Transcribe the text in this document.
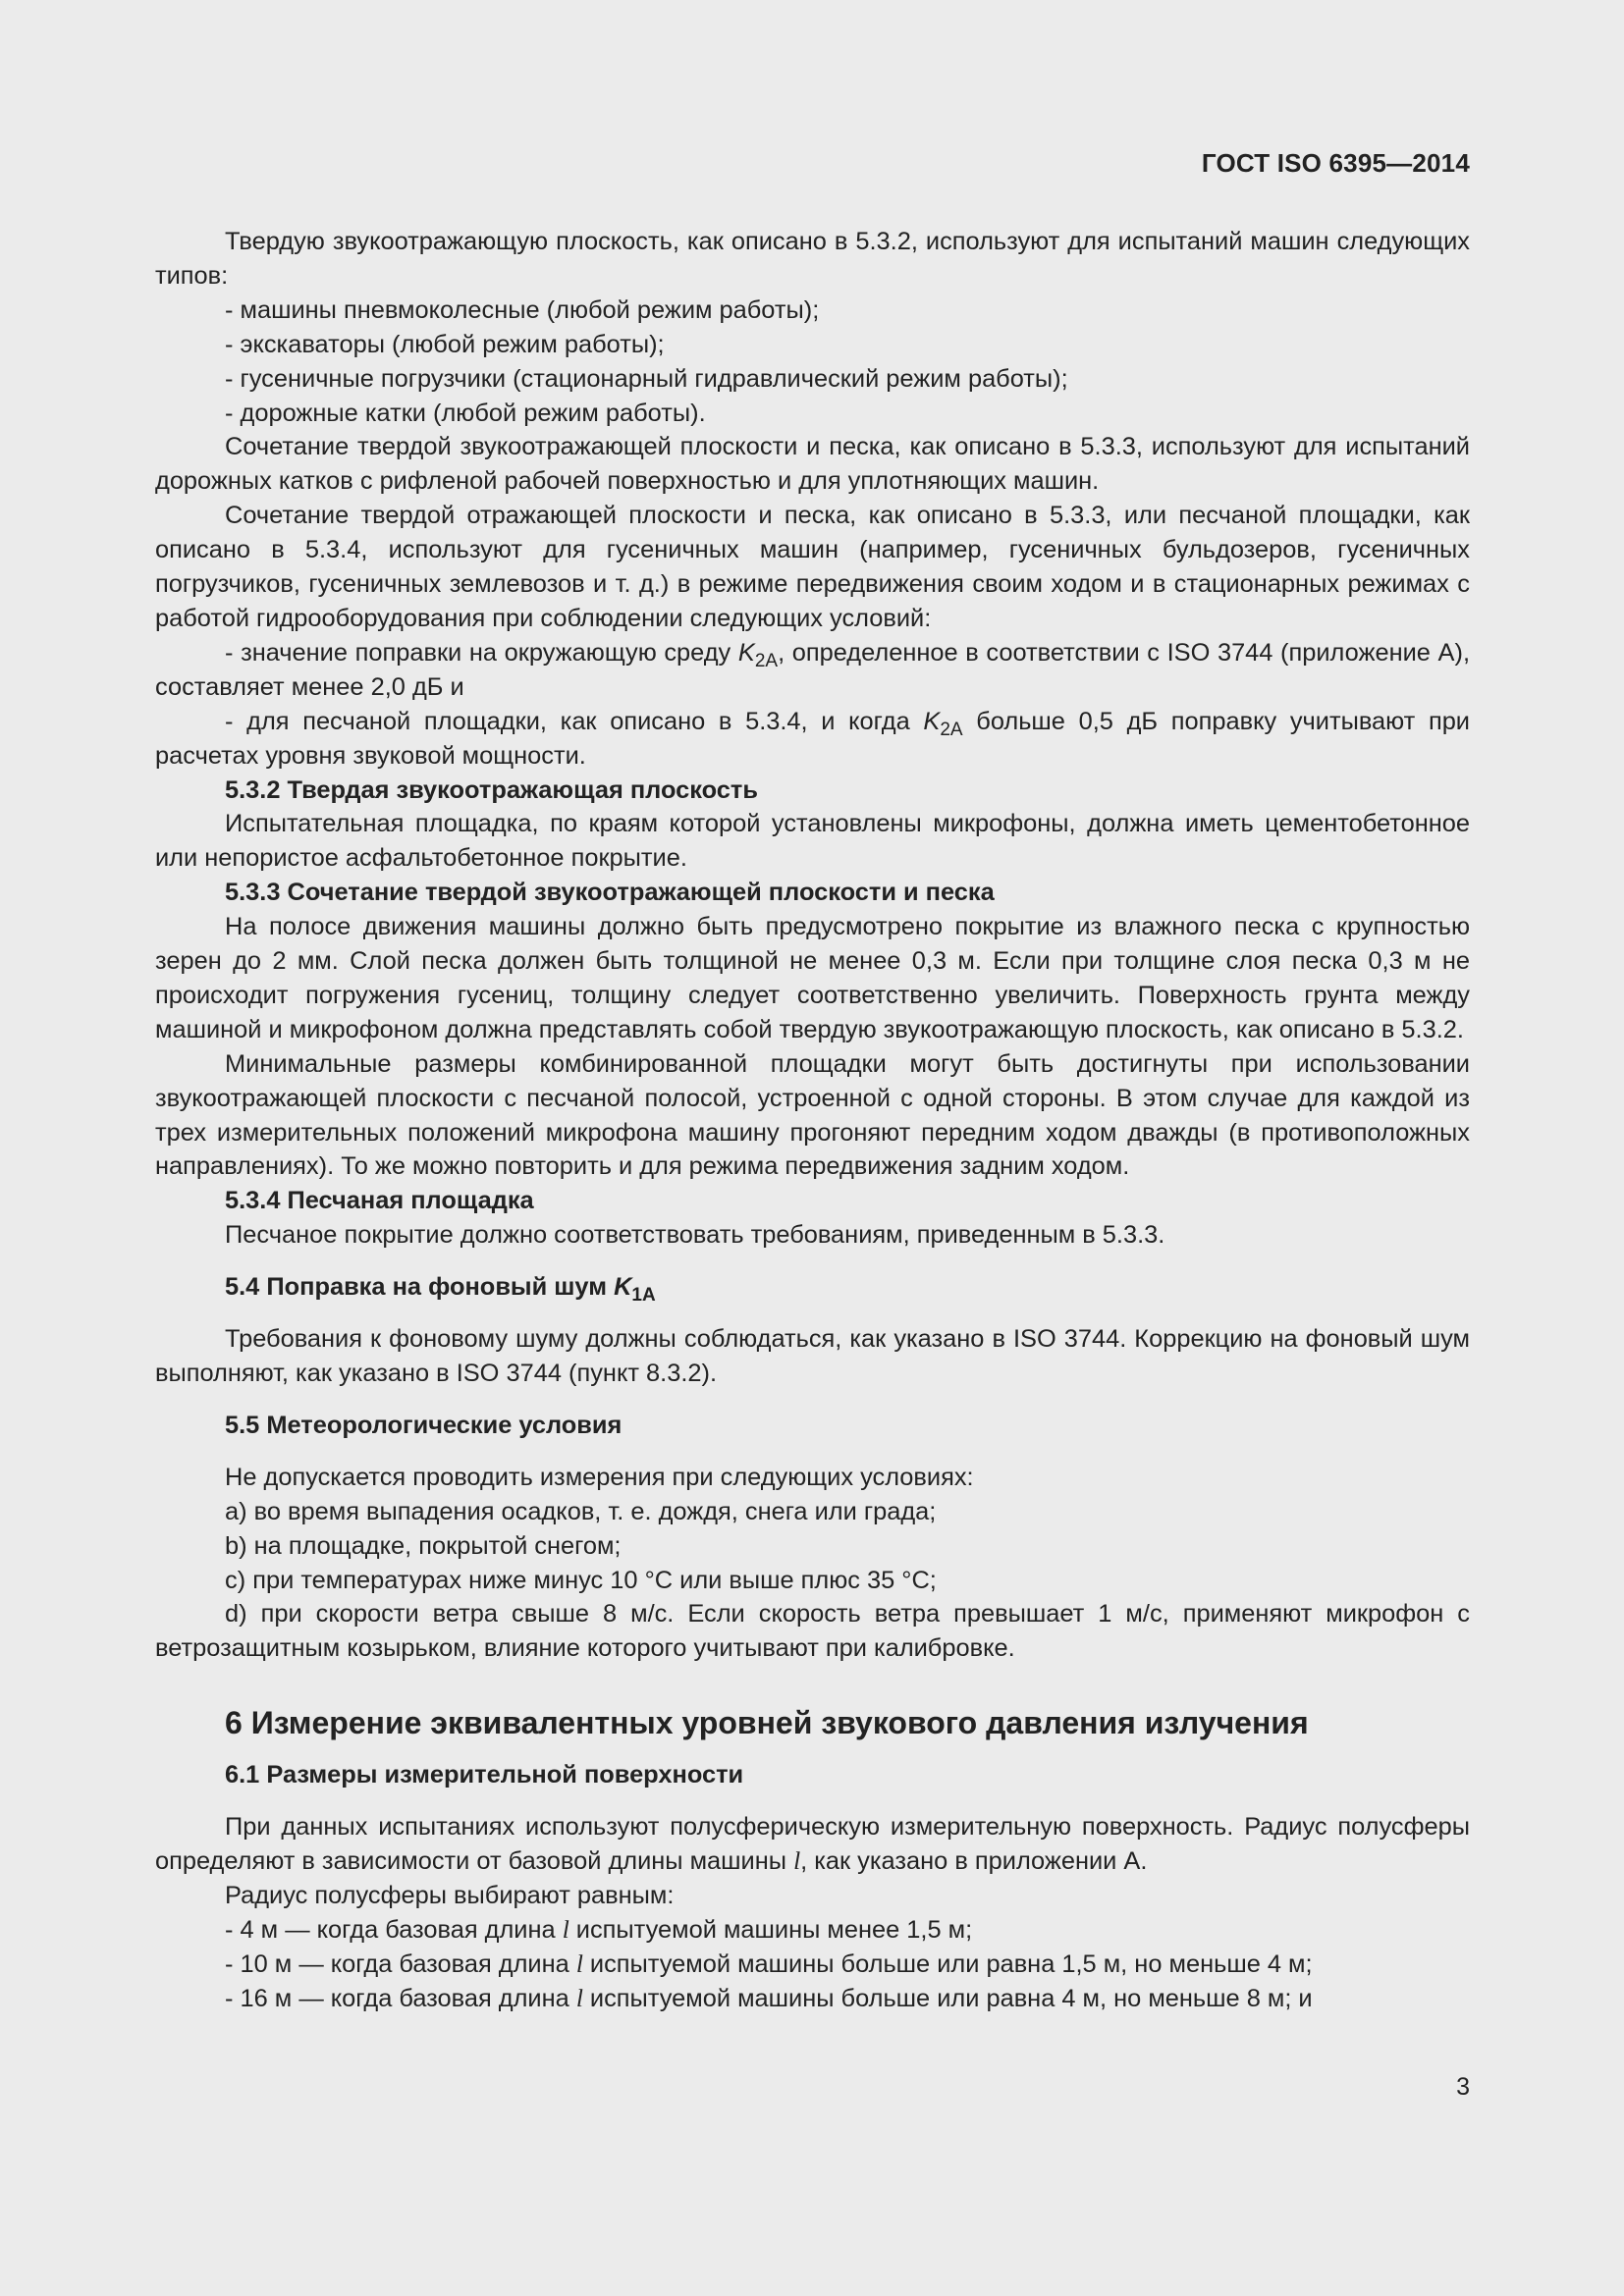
ГОСТ ISO 6395—2014

Твердую звукоотражающую плоскость, как описано в 5.3.2, используют для испытаний машин следующих типов:

- машины пневмоколесные (любой режим работы);

- экскаваторы (любой режим работы);

- гусеничные погрузчики (стационарный гидравлический режим работы);

- дорожные катки (любой режим работы).

Сочетание твердой звукоотражающей плоскости и песка, как описано в 5.3.3, используют для испытаний дорожных катков с рифленой рабочей поверхностью и для уплотняющих машин.

Сочетание твердой отражающей плоскости и песка, как описано в 5.3.3, или песчаной площадки, как описано в 5.3.4, используют для гусеничных машин (например, гусеничных бульдозеров, гусеничных погрузчиков, гусеничных землевозов и т. д.) в режиме передвижения своим ходом и в стационарных режимах с работой гидрооборудования при соблюдении следующих условий:

- значение поправки на окружающую среду $K_{2A}$, определенное в соответствии с ISO 3744 (приложение А), составляет менее 2,0 дБ и

- для песчаной площадки, как описано в 5.3.4, и когда $K_{2A}$ больше 0,5 дБ поправку учитывают при расчетах уровня звуковой мощности.

5.3.2 Твердая звукоотражающая плоскость

Испытательная площадка, по краям которой установлены микрофоны, должна иметь цементобетонное или непористое асфальтобетонное покрытие.

5.3.3 Сочетание твердой звукоотражающей плоскости и песка

На полосе движения машины должно быть предусмотрено покрытие из влажного песка с крупностью зерен до 2 мм. Слой песка должен быть толщиной не менее 0,3 м. Если при толщине слоя песка 0,3 м не происходит погружения гусениц, толщину следует соответственно увеличить. Поверхность грунта между машиной и микрофоном должна представлять собой твердую звукоотражающую плоскость, как описано в 5.3.2.

Минимальные размеры комбинированной площадки могут быть достигнуты при использовании звукоотражающей плоскости с песчаной полосой, устроенной с одной стороны. В этом случае для каждой из трех измерительных положений микрофона машину прогоняют передним ходом дважды (в противоположных направлениях). То же можно повторить и для режима передвижения задним ходом.

5.3.4 Песчаная площадка

Песчаное покрытие должно соответствовать требованиям, приведенным в 5.3.3.

5.4 Поправка на фоновый шум $K_{1A}$

Требования к фоновому шуму должны соблюдаться, как указано в ISO 3744. Коррекцию на фоновый шум выполняют, как указано в ISO 3744 (пункт 8.3.2).

5.5 Метеорологические условия

Не допускается проводить измерения при следующих условиях:

a) во время выпадения осадков, т. е. дождя, снега или града;

b) на площадке, покрытой снегом;

c) при температурах ниже минус 10 °С или выше плюс 35 °С;

d) при скорости ветра свыше 8 м/с. Если скорость ветра превышает 1 м/с, применяют микрофон с ветрозащитным козырьком, влияние которого учитывают при калибровке.

6 Измерение эквивалентных уровней звукового давления излучения

6.1 Размеры измерительной поверхности

При данных испытаниях используют полусферическую измерительную поверхность. Радиус полусферы определяют в зависимости от базовой длины машины l, как указано в приложении А.

Радиус полусферы выбирают равным:

- 4 м — когда базовая длина l испытуемой машины менее 1,5 м;

- 10 м — когда базовая длина l испытуемой машины больше или равна 1,5 м, но меньше 4 м;

- 16 м — когда базовая длина l испытуемой машины больше или равна 4 м, но меньше 8 м; и

3
